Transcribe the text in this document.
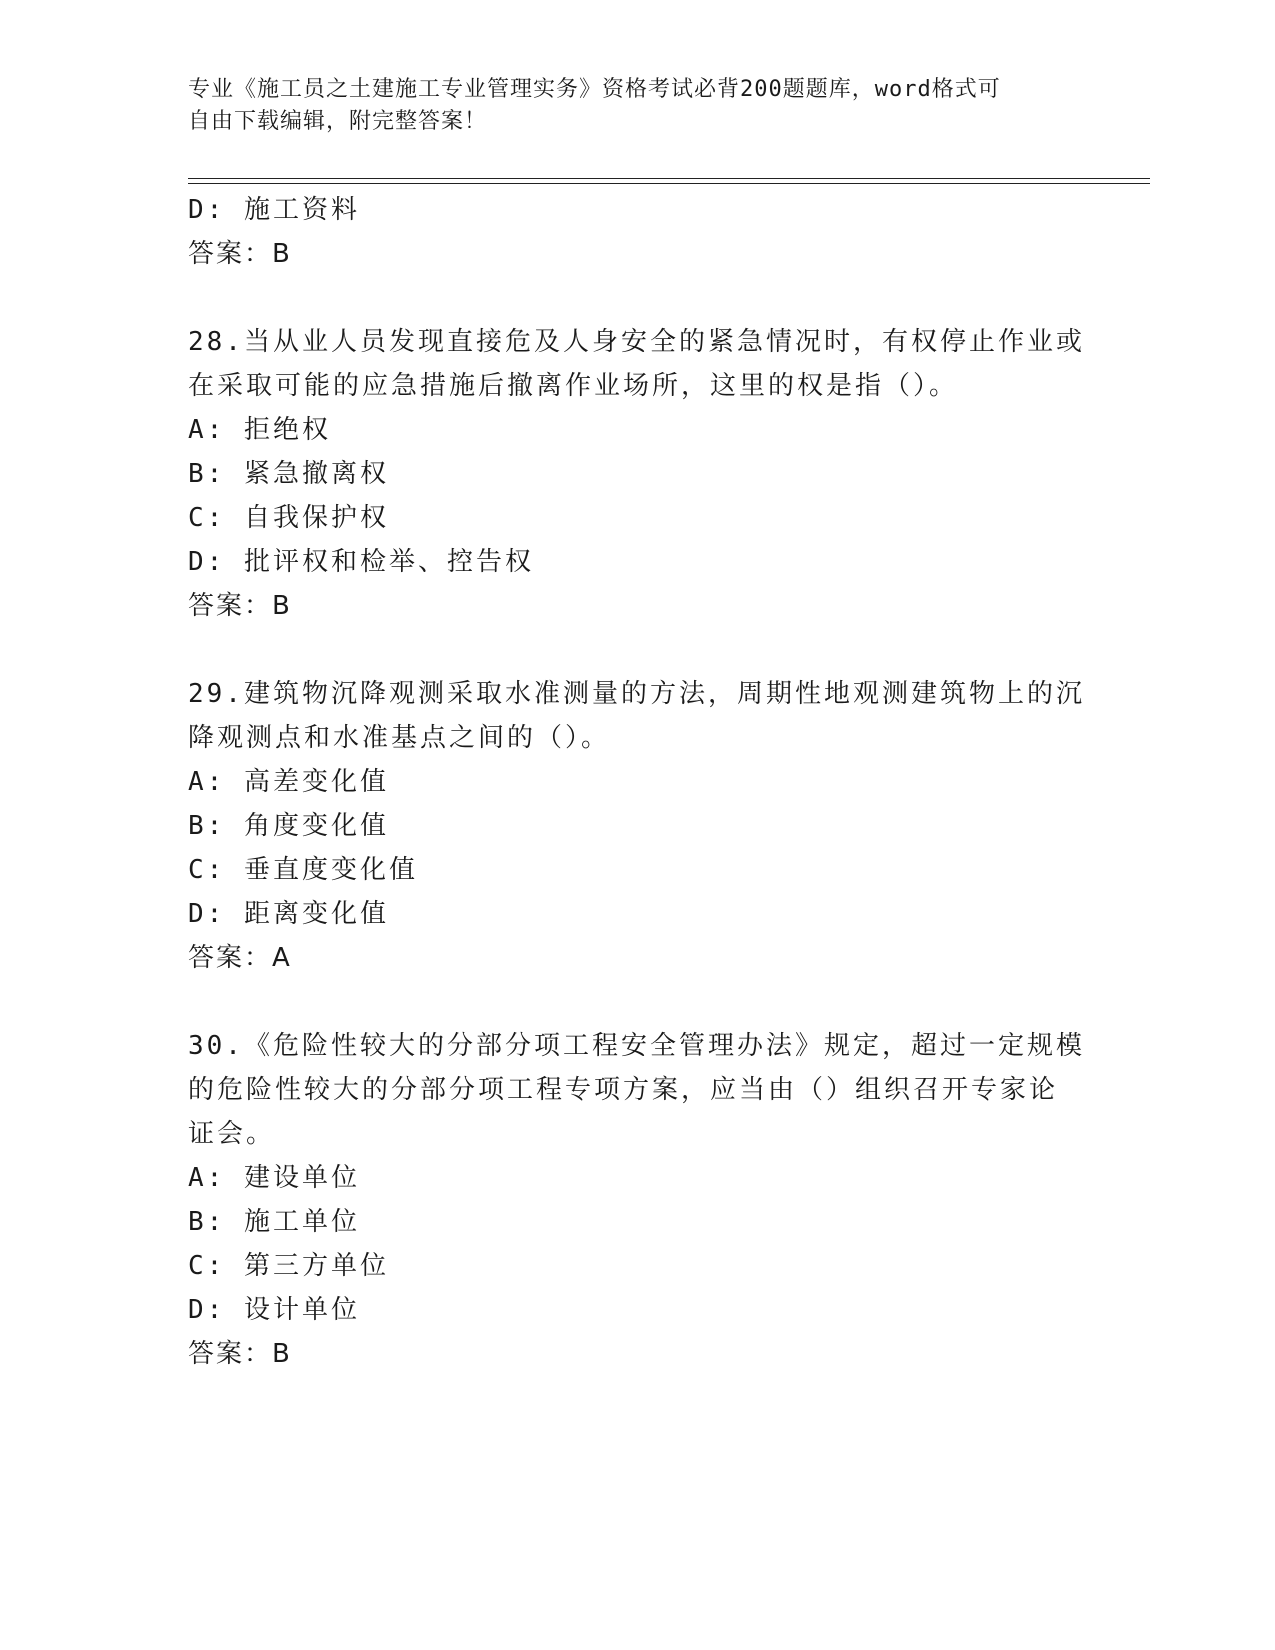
专业《施工员之土建施工专业管理实务》资格考试必背200题题库，word格式可
自由下载编辑，附完整答案！
D: 施工资料
答案：B
28.当从业人员发现直接危及人身安全的紧急情况时，有权停止作业或
在采取可能的应急措施后撤离作业场所，这里的权是指（）。
A: 拒绝权
B: 紧急撤离权
C: 自我保护权
D: 批评权和检举、控告权
答案：B
29.建筑物沉降观测采取水准测量的方法，周期性地观测建筑物上的沉
降观测点和水准基点之间的（）。
A: 高差变化值
B: 角度变化值
C: 垂直度变化值
D: 距离变化值
答案：A
30.《危险性较大的分部分项工程安全管理办法》规定，超过一定规模
的危险性较大的分部分项工程专项方案，应当由（）组织召开专家论
证会。
A: 建设单位
B: 施工单位
C: 第三方单位
D: 设计单位
答案：B
